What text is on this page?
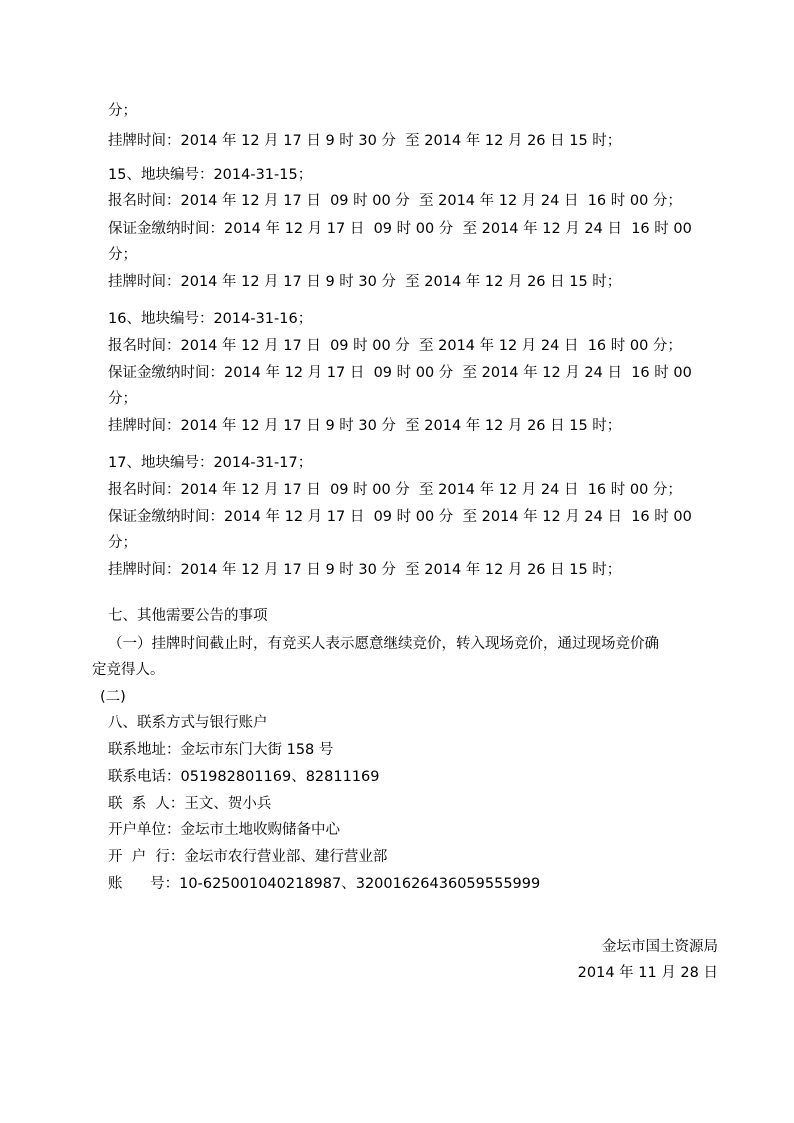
分；
挂牌时间：2014 年 12 月 17 日 9 时 30 分  至 2014 年 12 月 26 日 15 时；
15、地块编号：2014-31-15；
报名时间：2014 年 12 月 17 日  09 时 00 分  至 2014 年 12 月 24 日  16 时 00 分；
保证金缴纳时间：2014 年 12 月 17 日  09 时 00 分  至 2014 年 12 月 24 日  16 时 00
分；
挂牌时间：2014 年 12 月 17 日 9 时 30 分  至 2014 年 12 月 26 日 15 时；
16、地块编号：2014-31-16；
报名时间：2014 年 12 月 17 日  09 时 00 分  至 2014 年 12 月 24 日  16 时 00 分；
保证金缴纳时间：2014 年 12 月 17 日  09 时 00 分  至 2014 年 12 月 24 日  16 时 00
分；
挂牌时间：2014 年 12 月 17 日 9 时 30 分  至 2014 年 12 月 26 日 15 时；
17、地块编号：2014-31-17；
报名时间：2014 年 12 月 17 日  09 时 00 分  至 2014 年 12 月 24 日  16 时 00 分；
保证金缴纳时间：2014 年 12 月 17 日  09 时 00 分  至 2014 年 12 月 24 日  16 时 00
分；
挂牌时间：2014 年 12 月 17 日 9 时 30 分  至 2014 年 12 月 26 日 15 时；
七、其他需要公告的事项
（一）挂牌时间截止时，有竞买人表示愿意继续竞价，转入现场竞价，通过现场竞价确
定竞得人。
(二)
八、联系方式与银行账户
联系地址：金坛市东门大街 158 号
联系电话：051982801169、82811169
联  系  人：王文、贺小兵
开户单位：金坛市土地收购储备中心
开  户  行：金坛市农行营业部、建行营业部
账      号：10-625001040218987、32001626436059555999
金坛市国土资源局
2014 年 11 月 28 日
